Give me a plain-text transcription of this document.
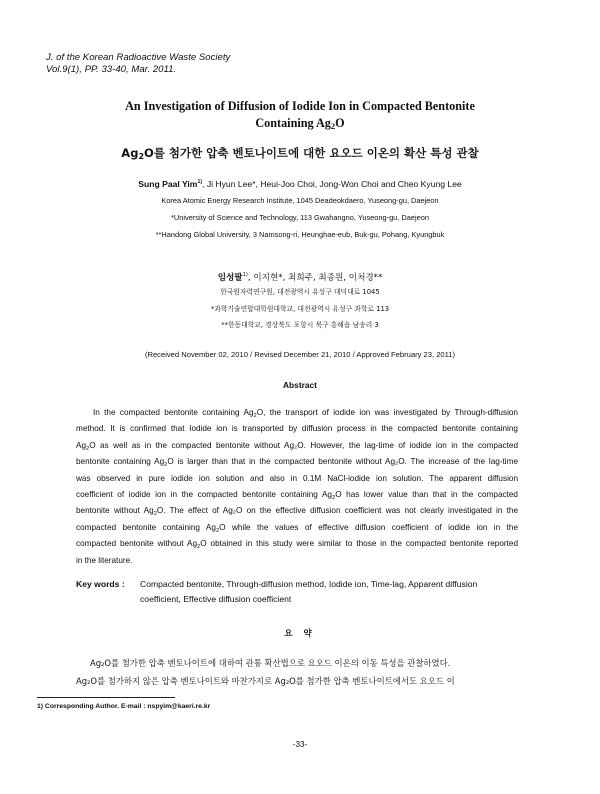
J. of the Korean Radioactive Waste Society
Vol.9(1), PP. 33-40, Mar. 2011.
An Investigation of Diffusion of Iodide Ion in Compacted Bentonite
Containing $Ag_2O$
$Ag_2O$를 첨가한 압축 벤토나이트에 대한 요오드 이온의 확산 특성 관찰
Sung Paal Yim$^{1)}$, Ji Hyun Lee*, Heui-Joo Choi, Jong-Won Choi and Cheo Kyung Lee
Korea Atomic Energy Research Institute, 1045 Deadeokdaero, Yuseong-gu, Daejeon
*University of Science and Technology, 113 Gwahangno, Yuseong-gu, Daejeon
**Handong Global University, 3 Namsong-ri, Heunghae-eub, Buk-gu, Pohang, Kyungbuk
임성팔$^{1)}$, 이지현*, 최희주, 최종원, 이처경**
한국원자력연구원, 대전광역시 유성구 대덕대로 1045
*과학기술연합대학원대학교, 대전광역시 유성구 과학로 113
**한동대학교, 경상북도 포항시 북구 흥해읍 남송리 3
(Received November 02, 2010 / Revised December 21, 2010 / Approved February 23, 2011)
Abstract
In the compacted bentonite containing $Ag_2O$, the transport of iodide ion was investigated by Through-diffusion
method. It is confirmed that Iodide ion is transported by diffusion process in the compacted bentonite containing
$Ag_2O$ as well as in the compacted bentonite without Ag₂O. However, the lag-time of iodide ion in the compacted
bentonite containing $Ag_2O$ is larger than that in the compacted bentonite without Ag₂O. The increase of the lag-time
was observed in pure iodide ion solution and also in 0.1M NaCl-iodide ion solution. The apparent diffusion
coefficient of iodide ion in the compacted bentonite containing $Ag_2O$ has lower value than that in the compacted
bentonite without $Ag_2O$. The effect of Ag₂O on the effective diffusion coefficient was not clearly investigated in the
compacted bentonite containing $Ag_2O$ while the values of effective diffusion coefficient of iodide ion in the
compacted bentonite without $Ag_2O$ obtained in this study were similar to those in the compacted bentonite reported
in the literature.
Key words : Compacted bentonite, Through-diffusion method, Iodide ion, Time-lag, Apparent diffusion
coefficient, Effective diffusion coefficient
요 약
Ag₂O를 첨가한 압축 벤토나이트에 대하여 관통 확산법으로 요오드 이온의 이동 특성을 관찰하였다.
Ag₂O를 첨가하지 않은 압축 벤토나이트와 마찬가지로 Ag₂O를 첨가한 압축 벤토나이트에서도 요오드 이
1) Corresponding Author. E-mail : nspyim@kaeri.re.kr
-33-
